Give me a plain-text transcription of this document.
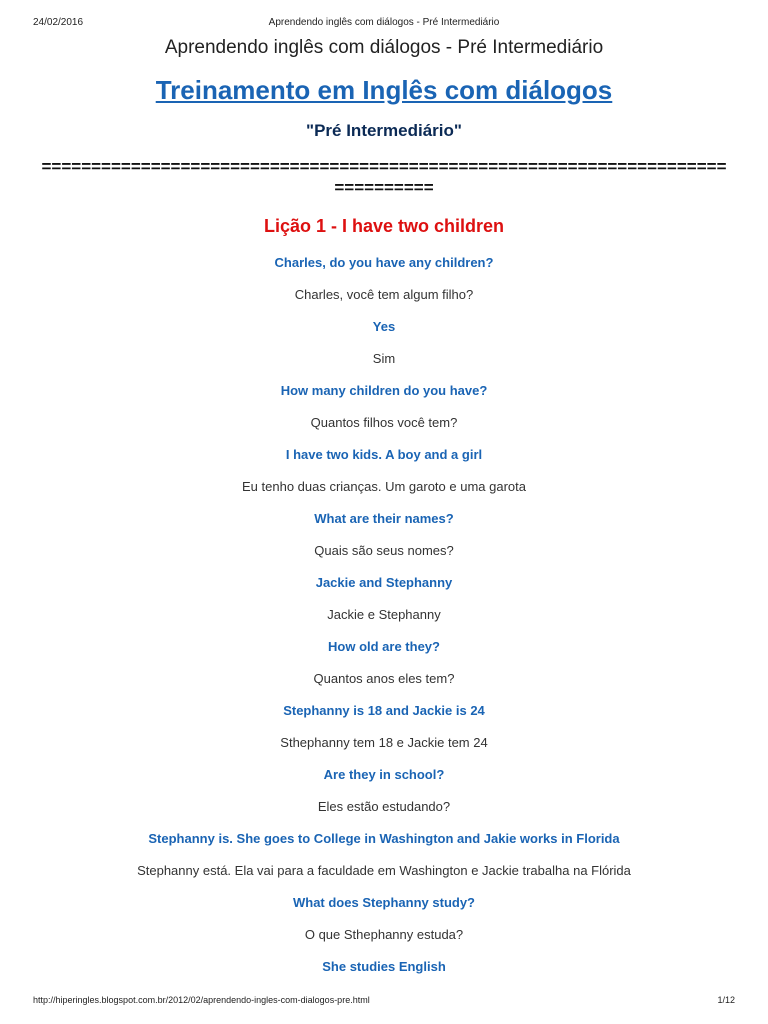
24/02/2016	Aprendendo inglês com diálogos - Pré Intermediário
Aprendendo inglês com diálogos - Pré Intermediário
Treinamento em Inglês com diálogos
"Pré Intermediário"
===============================================================================
Lição 1 - I have two children
Charles, do you have any children?
Charles, você tem algum filho?
Yes
Sim
How many children do you have?
Quantos filhos você tem?
I have two kids. A boy and a girl
Eu tenho duas crianças. Um garoto e uma garota
What are their names?
Quais são seus nomes?
Jackie and Stephanny
Jackie e Stephanny
How old are they?
Quantos anos eles tem?
Stephanny is 18 and Jackie is 24
Sthephanny tem 18 e Jackie tem 24
Are they in school?
Eles estão estudando?
Stephanny is. She goes to College in Washington and Jakie works in Florida
Stephanny está. Ela vai para a faculdade em Washington e Jackie trabalha na Flórida
What does Stephanny study?
O que Sthephanny estuda?
She studies English
http://hiperingles.blogspot.com.br/2012/02/aprendendo-ingles-com-dialogos-pre.html	1/12
